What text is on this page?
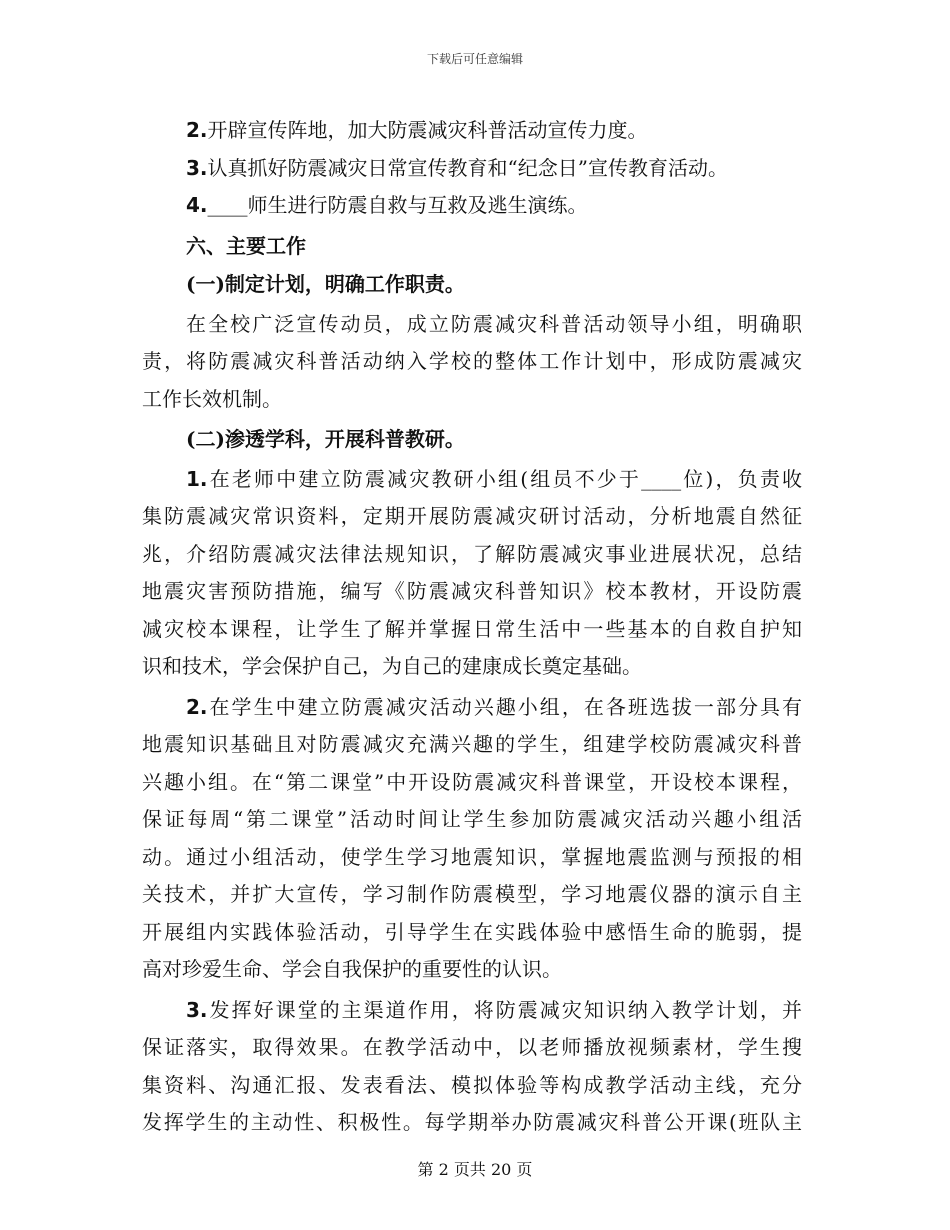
下载后可任意编辑
2.开辟宣传阵地，加大防震减灾科普活动宣传力度。
3.认真抓好防震减灾日常宣传教育和“纪念日”宣传教育活动。
4.____师生进行防震自救与互救及逃生演练。
六、主要工作
(一)制定计划，明确工作职责。
在全校广泛宣传动员，成立防震减灾科普活动领导小组，明确职
责，将防震减灾科普活动纳入学校的整体工作计划中，形成防震减灾
工作长效机制。
(二)渗透学科，开展科普教研。
1.在老师中建立防震减灾教研小组(组员不少于____位)，负责收
集防震减灾常识资料，定期开展防震减灾研讨活动，分析地震自然征
兆，介绍防震减灾法律法规知识，了解防震减灾事业进展状况，总结
地震灾害预防措施，编写《防震减灾科普知识》校本教材，开设防震
减灾校本课程，让学生了解并掌握日常生活中一些基本的自救自护知
识和技术，学会保护自己，为自己的建康成长奠定基础。
2.在学生中建立防震减灾活动兴趣小组，在各班选拔一部分具有
地震知识基础且对防震减灾充满兴趣的学生，组建学校防震减灾科普
兴趣小组。在“第二课堂”中开设防震减灾科普课堂，开设校本课程，
保证每周“第二课堂”活动时间让学生参加防震减灾活动兴趣小组活
动。通过小组活动，使学生学习地震知识，掌握地震监测与预报的相
关技术，并扩大宣传，学习制作防震模型，学习地震仪器的演示自主
开展组内实践体验活动，引导学生在实践体验中感悟生命的脆弱，提
高对珍爱生命、学会自我保护的重要性的认识。
3.发挥好课堂的主渠道作用，将防震减灾知识纳入教学计划，并
保证落实，取得效果。在教学活动中，以老师播放视频素材，学生搜
集资料、沟通汇报、发表看法、模拟体验等构成教学活动主线，充分
发挥学生的主动性、积极性。每学期举办防震减灾科普公开课(班队主
第 2 页共 20 页
